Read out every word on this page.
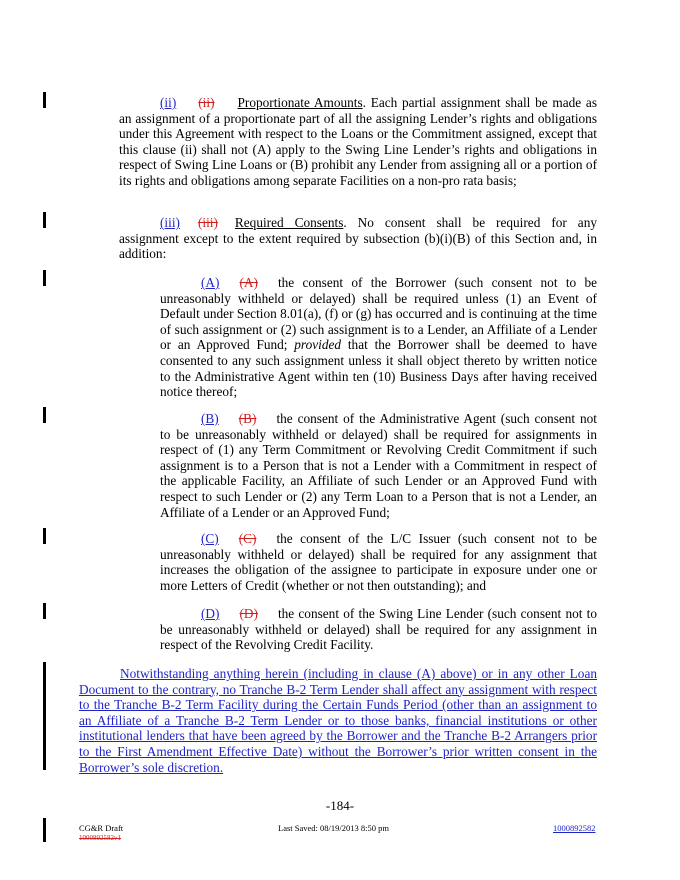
(ii) (ii) Proportionate Amounts. Each partial assignment shall be made as an assignment of a proportionate part of all the assigning Lender’s rights and obligations under this Agreement with respect to the Loans or the Commitment assigned, except that this clause (ii) shall not (A) apply to the Swing Line Lender’s rights and obligations in respect of Swing Line Loans or (B) prohibit any Lender from assigning all or a portion of its rights and obligations among separate Facilities on a non-pro rata basis;

(iii) (iii) Required Consents. No consent shall be required for any assignment except to the extent required by subsection (b)(i)(B) of this Section and, in addition:

(A) (A) the consent of the Borrower (such consent not to be unreasonably withheld or delayed) shall be required unless (1) an Event of Default under Section 8.01(a), (f) or (g) has occurred and is continuing at the time of such assignment or (2) such assignment is to a Lender, an Affiliate of a Lender or an Approved Fund; provided that the Borrower shall be deemed to have consented to any such assignment unless it shall object thereto by written notice to the Administrative Agent within ten (10) Business Days after having received notice thereof;

(B) (B) the consent of the Administrative Agent (such consent not to be unreasonably withheld or delayed) shall be required for assignments in respect of (1) any Term Commitment or Revolving Credit Commitment if such assignment is to a Person that is not a Lender with a Commitment in respect of the applicable Facility, an Affiliate of such Lender or an Approved Fund with respect to such Lender or (2) any Term Loan to a Person that is not a Lender, an Affiliate of a Lender or an Approved Fund;

(C) (C) the consent of the L/C Issuer (such consent not to be unreasonably withheld or delayed) shall be required for any assignment that increases the obligation of the assignee to participate in exposure under one or more Letters of Credit (whether or not then outstanding); and

(D) (D) the consent of the Swing Line Lender (such consent not to be unreasonably withheld or delayed) shall be required for any assignment in respect of the Revolving Credit Facility.

Notwithstanding anything herein (including in clause (A) above) or in any other Loan Document to the contrary, no Tranche B-2 Term Lender shall affect any assignment with respect to the Tranche B-2 Term Facility during the Certain Funds Period (other than an assignment to an Affiliate of a Tranche B-2 Term Lender or to those banks, financial institutions or other institutional lenders that have been agreed by the Borrower and the Tranche B-2 Arrangers prior to the First Amendment Effective Date) without the Borrower’s prior written consent in the Borrower’s sole discretion.

-184-
CG&R Draft
1000892582v1
Last Saved: 08/19/2013 8:50 pm	1000892582
